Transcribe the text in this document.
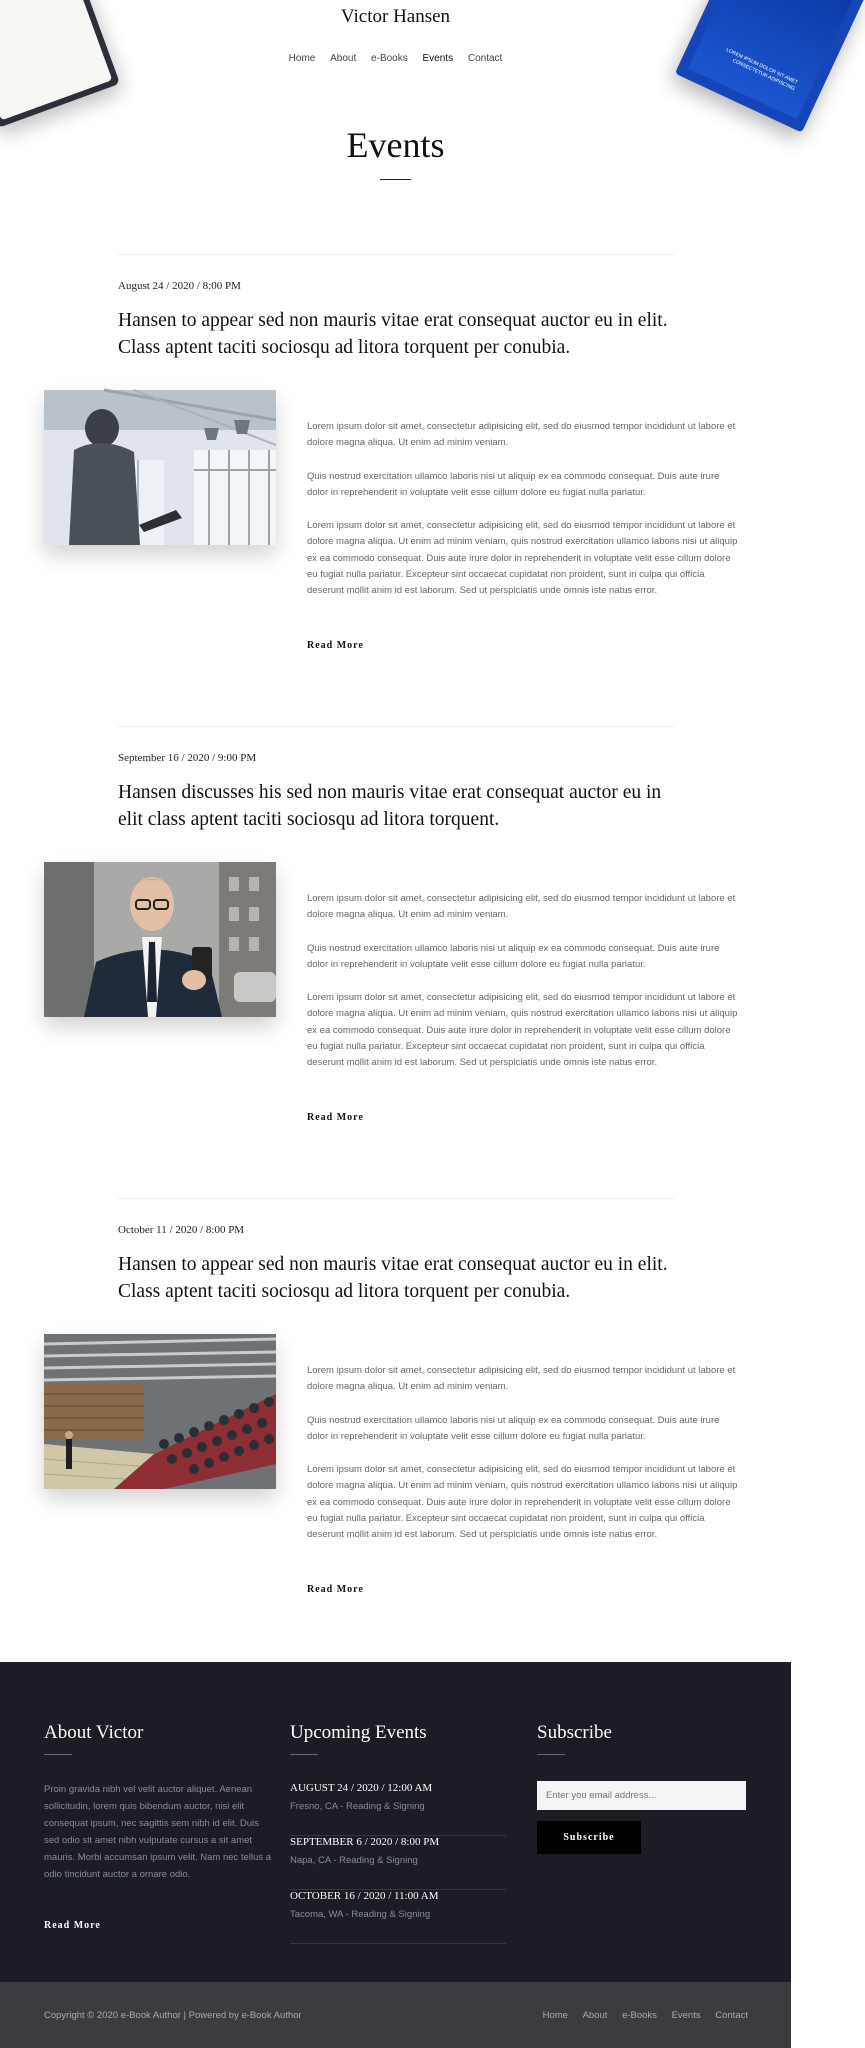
LOREM IPSUM DOLOR SIT AMET CONSECTETUR ADIPISCING
Victor Hansen
Home About e-Books Events Contact
Events
August 24 / 2020 / 8:00 PM
Hansen to appear sed non mauris vitae erat consequat auctor eu in elit. Class aptent taciti sociosqu ad litora torquent per conubia.

Lorem ipsum dolor sit amet, consectetur adipisicing elit, sed do eiusmod tempor incididunt ut labore et dolore magna aliqua. Ut enim ad minim veniam.

Quis nostrud exercitation ullamco laboris nisi ut aliquip ex ea commodo consequat. Duis aute irure dolor in reprehenderit in voluptate velit esse cillum dolore eu fugiat nulla pariatur.

Lorem ipsum dolor sit amet, consectetur adipisicing elit, sed do eiusmod tempor incididunt ut labore et dolore magna aliqua. Ut enim ad minim veniam, quis nostrud exercitation ullamco laboris nisi ut aliquip ex ea commodo consequat. Duis aute irure dolor in reprehenderit in voluptate velit esse cillum dolore eu fugiat nulla pariatur. Excepteur sint occaecat cupidatat non proident, sunt in culpa qui officia deserunt mollit anim id est laborum. Sed ut perspiciatis unde omnis iste natus error.

Read More
September 16 / 2020 / 9:00 PM
Hansen discusses his sed non mauris vitae erat consequat auctor eu in elit class aptent taciti sociosqu ad litora torquent.

Lorem ipsum dolor sit amet, consectetur adipisicing elit, sed do eiusmod tempor incididunt ut labore et dolore magna aliqua. Ut enim ad minim veniam.

Quis nostrud exercitation ullamco laboris nisi ut aliquip ex ea commodo consequat. Duis aute irure dolor in reprehenderit in voluptate velit esse cillum dolore eu fugiat nulla pariatur.

Lorem ipsum dolor sit amet, consectetur adipisicing elit, sed do eiusmod tempor incididunt ut labore et dolore magna aliqua. Ut enim ad minim veniam, quis nostrud exercitation ullamco laboris nisi ut aliquip ex ea commodo consequat. Duis aute irure dolor in reprehenderit in voluptate velit esse cillum dolore eu fugiat nulla pariatur. Excepteur sint occaecat cupidatat non proident, sunt in culpa qui officia deserunt mollit anim id est laborum. Sed ut perspiciatis unde omnis iste natus error.

Read More
October 11 / 2020 / 8:00 PM
Hansen to appear sed non mauris vitae erat consequat auctor eu in elit. Class aptent taciti sociosqu ad litora torquent per conubia.

Lorem ipsum dolor sit amet, consectetur adipisicing elit, sed do eiusmod tempor incididunt ut labore et dolore magna aliqua. Ut enim ad minim veniam.

Quis nostrud exercitation ullamco laboris nisi ut aliquip ex ea commodo consequat. Duis aute irure dolor in reprehenderit in voluptate velit esse cillum dolore eu fugiat nulla pariatur.

Lorem ipsum dolor sit amet, consectetur adipisicing elit, sed do eiusmod tempor incididunt ut labore et dolore magna aliqua. Ut enim ad minim veniam, quis nostrud exercitation ullamco laboris nisi ut aliquip ex ea commodo consequat. Duis aute irure dolor in reprehenderit in voluptate velit esse cillum dolore eu fugiat nulla pariatur. Excepteur sint occaecat cupidatat non proident, sunt in culpa qui officia deserunt mollit anim id est laborum. Sed ut perspiciatis unde omnis iste natus error.

Read More
About Victor
Proin gravida nibh vel velit auctor aliquet. Aenean sollicitudin, lorem quis bibendum auctor, nisi elit consequat ipsum, nec sagittis sem nibh id elit. Duis sed odio sit amet nibh vulputate cursus a sit amet mauris. Morbi accumsan ipsum velit. Nam nec tellus a odio tincidunt auctor a ornare odio.
Read More
Upcoming Events
AUGUST 24 / 2020 / 12:00 AM
Fresno, CA - Reading & Signing
SEPTEMBER 6 / 2020 / 8:00 PM
Napa, CA - Reading & Signing
OCTOBER 16 / 2020 / 11:00 AM
Tacoma, WA - Reading & Signing
Subscribe
Enter you email address...
Subscribe
Copyright © 2020 e-Book Author | Powered by e-Book Author	Home About e-Books Events Contact
